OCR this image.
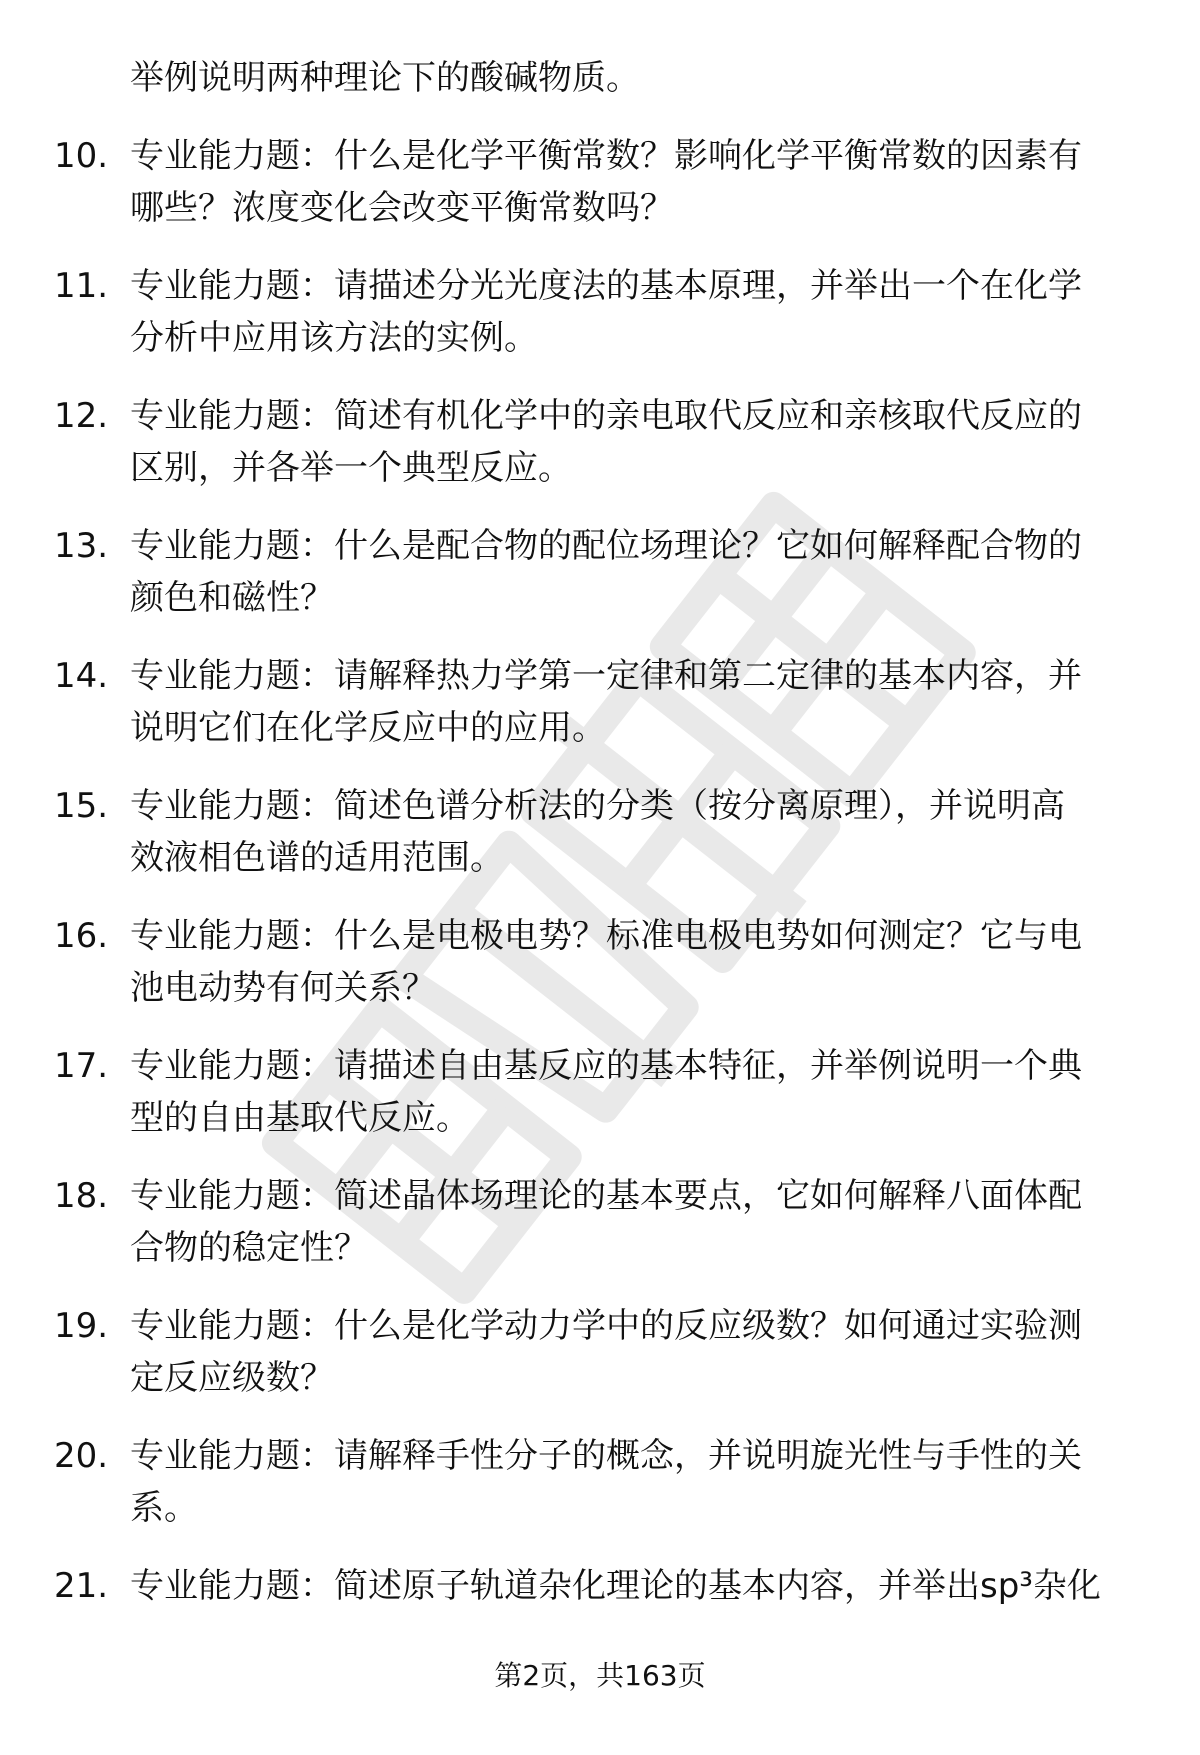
举例说明两种理论下的酸碱物质。
10. 专业能力题：什么是化学平衡常数？影响化学平衡常数的因素有
哪些？浓度变化会改变平衡常数吗？
11. 专业能力题：请描述分光光度法的基本原理，并举出一个在化学
分析中应用该方法的实例。
12. 专业能力题：简述有机化学中的亲电取代反应和亲核取代反应的
区别，并各举一个典型反应。
13. 专业能力题：什么是配合物的配位场理论？它如何解释配合物的
颜色和磁性？
14. 专业能力题：请解释热力学第一定律和第二定律的基本内容，并
说明它们在化学反应中的应用。
15. 专业能力题：简述色谱分析法的分类（按分离原理），并说明高
效液相色谱的适用范围。
16. 专业能力题：什么是电极电势？标准电极电势如何测定？它与电
池电动势有何关系？
17. 专业能力题：请描述自由基反应的基本特征，并举例说明一个典
型的自由基取代反应。
18. 专业能力题：简述晶体场理论的基本要点，它如何解释八面体配
合物的稳定性？
19. 专业能力题：什么是化学动力学中的反应级数？如何通过实验测
定反应级数？
20. 专业能力题：请解释手性分子的概念，并说明旋光性与手性的关
系。
21. 专业能力题：简述原子轨道杂化理论的基本内容，并举出sp³杂化
第2页，共163页
